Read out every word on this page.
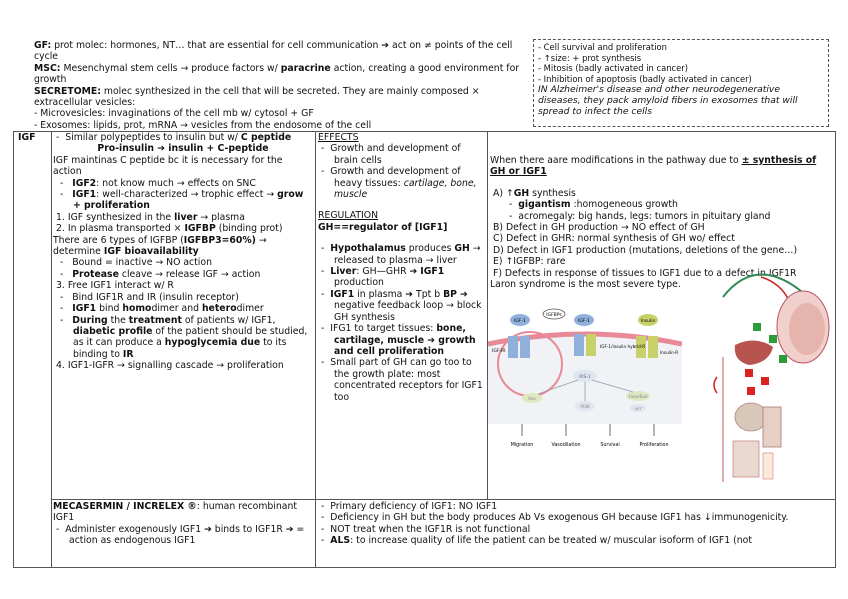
GF: prot molec: hormones, NT… that are essential for cell communication ➔ act on ≠ points of the cell cycle

MSC: Mesenchymal stem cells → produce factors w/ paracrine action, creating a good environment for growth

SECRETOME: molec synthesized in the cell that will be secreted. They are mainly composed × extracellular vesicles:

- Microvesicles: invaginations of the cell mb w/ cytosol + GF

- Exosomes: lipids, prot, mRNA → vesicles from the endosome of the cell

- Cell survival and proliferation

- ↑size: + prot synthesis

- Mitosis (badly activated in cancer)

- Inhibition of apoptosis (badly activated in cancer)

IN Alzheimer's disease and other neurodegenerative diseases, they pack amyloid fibers in exosomes that will spread to infect the cells

IGF	-  Similar polypeptides to insulin but w/ C peptide
Pro-insulin ➔ insulin + C-peptide
IGF maintinas C peptide bc it is necessary for the action
-   IGF2: not know much → effects on SNC
-   IGF1: well-characterized → trophic effect → grow + proliferation
1. IGF synthesized in the liver → plasma
2. In plasma transported × IGFBP (binding prot)
There are 6 types of IGFBP (IGFBP3=60%) → determine IGF bioavailability
-   Bound = inactive → NO action
-   Protease cleave → release IGF → action
3. Free IGF1 interact w/ R
-   Bind IGF1R and IR (insulin receptor)
-   IGF1 bind homodimer and heterodimer
-   During the treatment of patients w/ IGF1, diabetic profile of the patient should be studied, as it can produce a hypoglycemia due to its binding to IR
4. IGF1-IGFR → signalling cascade → proliferation
EFFECTS
-  Growth and development of brain cells
-  Growth and development of heavy tissues: cartilage, bone, muscle
REGULATION
GH==regulator of [IGF1]
-  Hypothalamus produces GH → released to plasma → liver
-  Liver: GH—GHR ➔ IGF1 production
-  IGF1 in plasma ➔ Tpt b BP ➔ negative feedback loop → block GH synthesis
-  IFG1 to target tissues: bone, cartilage, muscle ➔ growth and cell proliferation
-  Small part of GH can go too to the growth plate: most concentrated receptors for IGF1 too
When there aare modifications in the pathway due to ± synthesis of GH or IGF1
A) ↑GH synthesis
-  gigantism :homogeneous growth
-  acromegaly: big hands, legs: tumors in pituitary gland
B) Defect in GH production → NO effect of GH
C) Defect in GHR: normal synthesis of GH wo/ effect
D) Defect in IGF1 production (mutations, deletions of the gene…)
E) ↑IGFBP: rare
F) Defects in response of tissues to IGF1 due to a defect in IGF1R
Laron syndrome is the most severe type.
IGF-1
IGFBPs
IGF-1	Insulin
IGF-IR
IGF-1/insulin hybrid-R
Insulin-R
IRS-1
Ras
PI3K
Foxo/Bad
AKT
Migration	Vasodilation	Survival	Proliferation
MECASERMIN / INCRELEX ®: human recombinant IGF1
-  Administer exogenously IGF1 ➔ binds to IGF1R ➔ = action as endogenous IGF1
-  Primary deficiency of IGF1: NO IGF1
-  Deficiency in GH but the body produces Ab Vs exogenous GH because IGF1 has ↓immunogenicity.
-  NOT treat when the IGF1R is not functional
-  ALS: to increase quality of life the patient can be treated w/ muscular isoform of IGF1 (not
